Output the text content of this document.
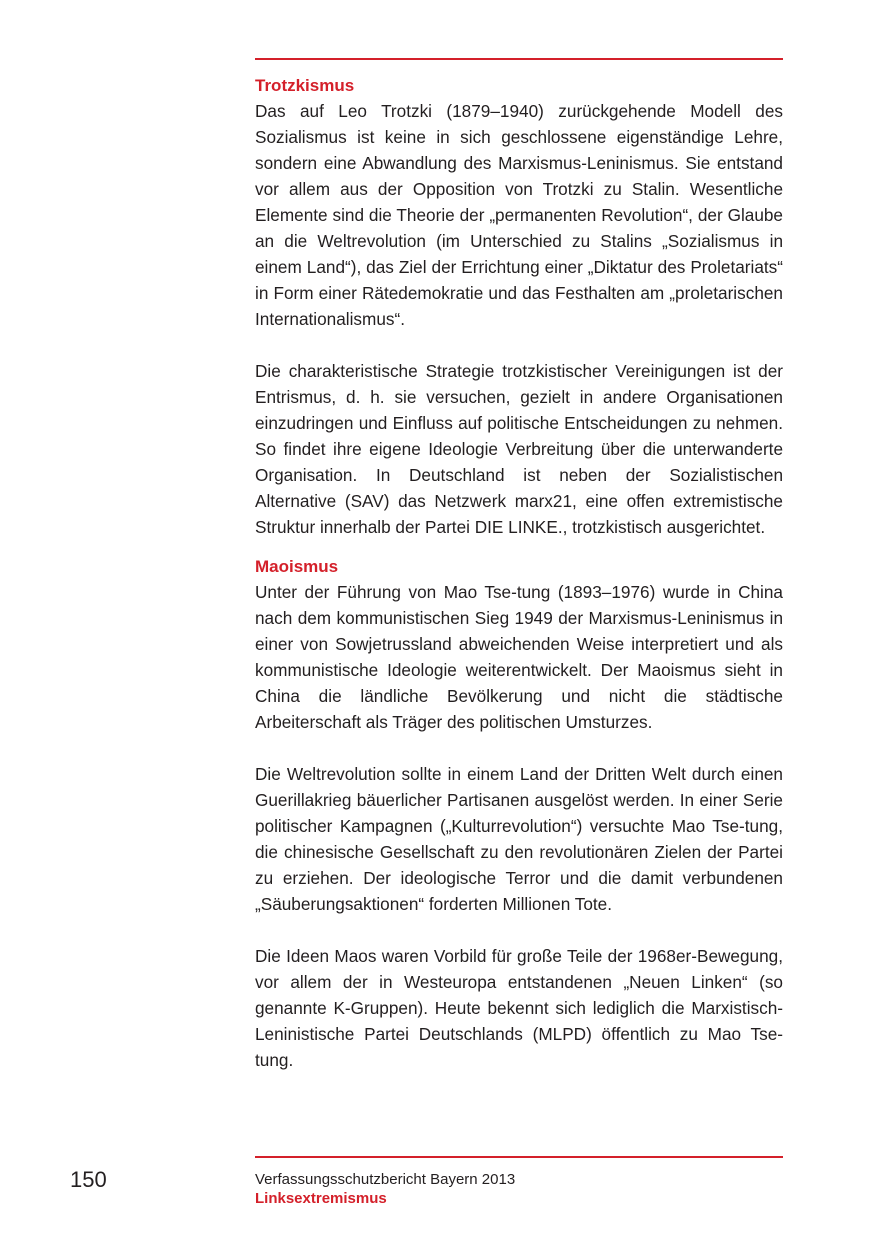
Trotzkismus

Das auf Leo Trotzki (1879–1940) zurückgehende Modell des Sozialismus ist keine in sich geschlossene eigenständige Lehre, sondern eine Abwandlung des Marxismus-Leninismus. Sie entstand vor allem aus der Opposition von Trotzki zu Stalin. Wesentliche Elemente sind die Theorie der „permanenten Revolution“, der Glaube an die Weltrevolution (im Unterschied zu Stalins „Sozialismus in einem Land“), das Ziel der Errichtung einer „Diktatur des Proletariats“ in Form einer Rätedemokratie und das Festhalten am „proletarischen Internationalismus“.

Die charakteristische Strategie trotzkistischer Vereinigungen ist der Entrismus, d. h. sie versuchen, gezielt in andere Organisationen einzudringen und Einfluss auf politische Entscheidungen zu nehmen. So findet ihre eigene Ideologie Verbreitung über die unterwanderte Organisation. In Deutschland ist neben der Sozialistischen Alternative (SAV) das Netzwerk marx21, eine offen extremistische Struktur innerhalb der Partei DIE LINKE., trotzkistisch ausgerichtet.

Maoismus

Unter der Führung von Mao Tse-tung (1893–1976) wurde in China nach dem kommunistischen Sieg 1949 der Marxismus-Leninismus in einer von Sowjetrussland abweichenden Weise interpretiert und als kommunistische Ideologie weiterentwickelt. Der Maoismus sieht in China die ländliche Bevölkerung und nicht die städtische Arbeiterschaft als Träger des politischen Umsturzes.

Die Weltrevolution sollte in einem Land der Dritten Welt durch einen Guerillakrieg bäuerlicher Partisanen ausgelöst werden. In einer Serie politischer Kampagnen („Kulturrevolution“) versuchte Mao Tse-tung, die chinesische Gesellschaft zu den revolutionären Zielen der Partei zu erziehen. Der ideologische Terror und die damit verbundenen „Säuberungsaktionen“ forderten Millionen Tote.

Die Ideen Maos waren Vorbild für große Teile der 1968er-Bewegung, vor allem der in Westeuropa entstandenen „Neuen Linken“ (so genannte K-Gruppen). Heute bekennt sich lediglich die Marxistisch-Leninistische Partei Deutschlands (MLPD) öffentlich zu Mao Tse-tung.

150	Verfassungsschutzbericht Bayern 2013
Linksextremismus
